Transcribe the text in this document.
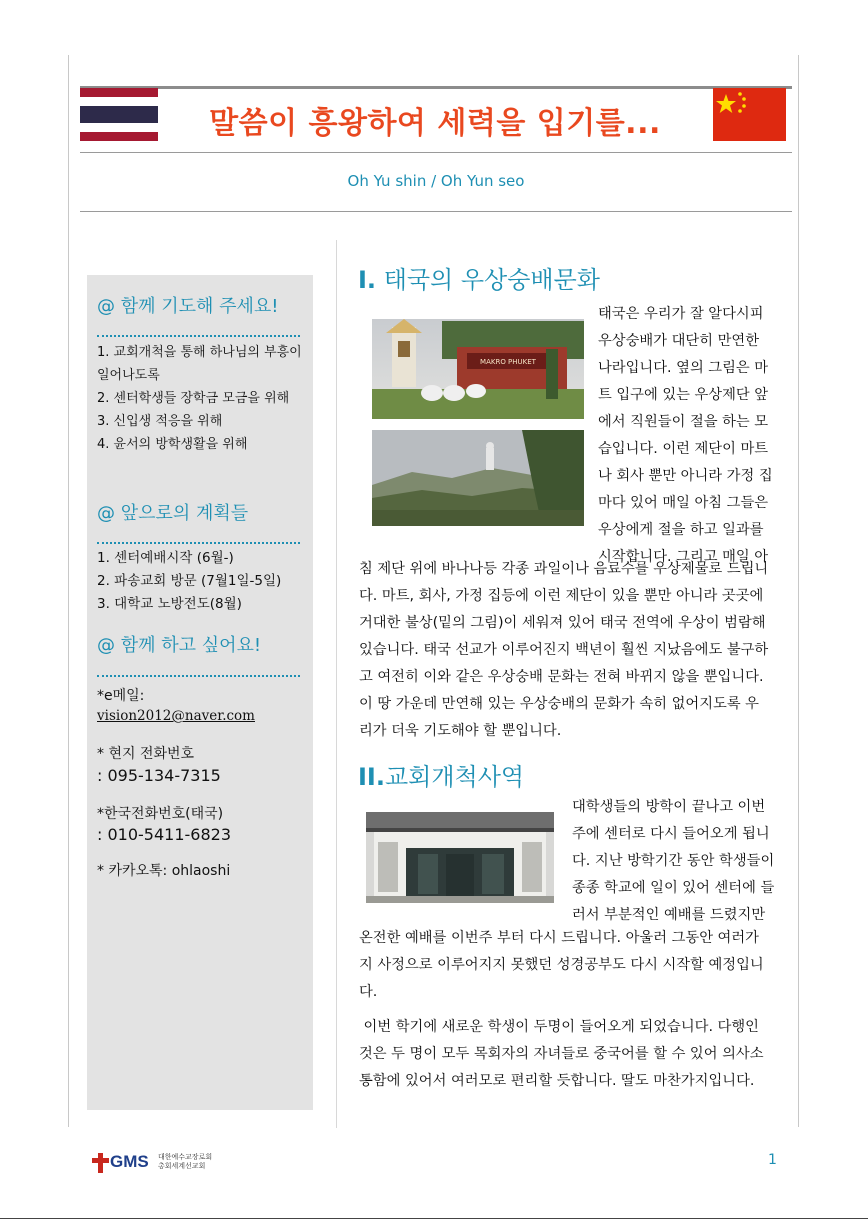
말씀이 흥왕하여 세력을 입기를...
Oh Yu shin / Oh Yun seo
@ 함께 기도해 주세요!
1. 교회개척을 통해 하나님의 부흥이 일어나도록
2. 센터학생들 장학금 모금을 위해
3. 신입생 적응을 위해
4. 윤서의 방학생활을 위해
@ 앞으로의 계획들
1. 센터예배시작 (6월-)
2. 파송교회 방문 (7월1일-5일)
3. 대학교 노방전도(8월)
@ 함께 하고 싶어요!
*e메일:
vision2012@naver.com
* 현지 전화번호
: 095-134-7315
*한국전화번호(태국)
: 010-5411-6823
* 카카오톡: ohlaoshi
I. 태국의 우상숭배문화
MAKRO PHUKET

태국은 우리가 잘 알다시피
우상숭배가 대단히 만연한
나라입니다. 옆의 그림은 마
트 입구에 있는 우상제단 앞
에서 직원들이 절을 하는 모
습입니다. 이런 제단이 마트
나 회사 뿐만 아니라 가정 집
마다 있어 매일 아침 그들은
우상에게 절을 하고 일과를
시작합니다. 그리고 매일 아

침 제단 위에 바나나등 각종 과일이나 음료수를 우상제물로 드립니
다. 마트, 회사, 가정 집등에 이런 제단이 있을 뿐만 아니라 곳곳에
거대한 불상(밑의 그림)이 세워져 있어 태국 전역에 우상이 범람해
있습니다. 태국 선교가 이루어진지 백년이 훨씬 지났음에도 불구하
고 여전히 이와 같은 우상숭배 문화는 전혀 바뀌지 않을 뿐입니다.
이 땅 가운데 만연해 있는 우상숭배의 문화가 속히 없어지도록 우
리가 더욱 기도해야 할 뿐입니다.

II.교회개척사역

대학생들의 방학이 끝나고 이번
주에 센터로 다시 들어오게 됩니
다. 지난 방학기간 동안 학생들이
종종 학교에 일이 있어 센터에 들
러서 부분적인 예배를 드렸지만

온전한 예배를 이번주 부터 다시 드립니다. 아울러 그동안 여러가
지 사정으로 이루어지지 못했던 성경공부도 다시 시작할 예정입니
다.

이번 학기에 새로운 학생이 두명이 들어오게 되었습니다. 다행인
것은 두 명이 모두 목회자의 자녀들로 중국어를 할 수 있어 의사소
통함에 있어서 여러모로 편리할 듯합니다. 딸도 마찬가지입니다.

GMS 대한예수교장로회
총회세계선교회	1
